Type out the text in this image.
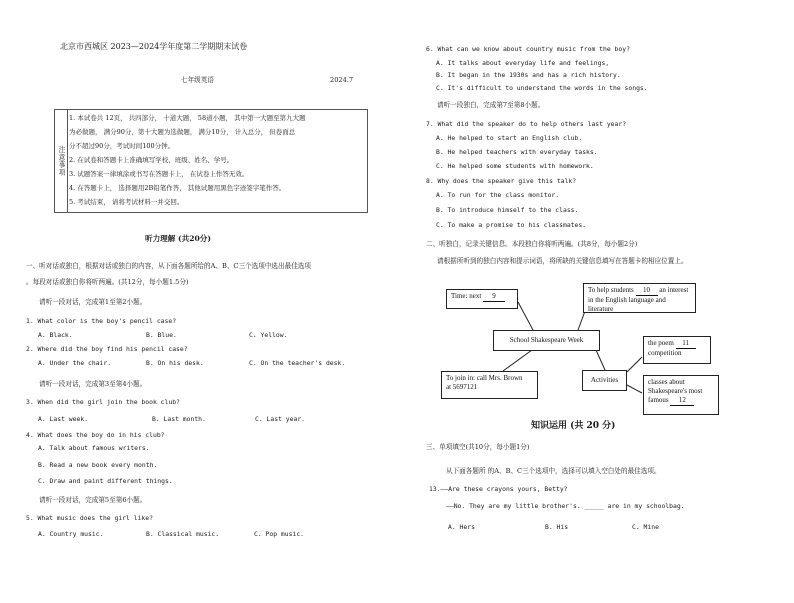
北京市西城区 2023—2024学年度第二学期期末试卷
七年级英语	2024.7
注意事项
1. 本试卷共 12页， 共四部分， 十道大题， 58道小题， 其中第一大题至第九大题
为必做题， 满分90分，第十大题为选做题， 满分10分， 计入总分， 但卷面总
分不超过90分，考试时间100分钟。
2. 在试卷和答题卡上准确填写学校、班级、姓名、学号。
3. 试题答案一律填涂或书写在答题卡上， 在试卷上作答无效。
4. 在答题卡上， 选择题用2B铅笔作答， 其他试题用黑色字迹签字笔作答。
5. 考试结束， 请将考试材料一并交回。
听力理解 (共20分)
一、听对话或独白，根据对话或独白的内容，从下面各题所给的A、B、C三个选项中选出最佳选项
。每段对话或独白你将听两遍。(共12分，每小题1.5分)
请听一段对话，完成第1至第2小题。
1. What color is the boy's pencil case?
A. Black.	B. Blue.	C. Yellow.
2. Where did the boy find his pencil case?
A. Under the chair.	B. On his desk.	C. On the teacher's desk.
请听一段对话，完成第3至第4小题。
3. When did the girl join the book club?
A. Last week.	B. Last month.	C. Last year.
4. What does the boy do in his club?
A. Talk about famous writers.
B. Read a new book every month.
C. Draw and paint different things.
请听一段对话，完成第5至第6小题。
5. What music does the girl like?
A. Country music.	B. Classical music.	C. Pop music.
6. What can we know about country music from the boy?
A. It talks about everyday life and feelings,
B. It began in the 1930s and has a rich history.
C. It's difficult to understand the words in the songs.
请听一段独白，完成第7至第8小题。
7. What did the speaker do to help others last year?
A. He helped to start an English club.
B. He helped teachers with everyday tasks.
C. He helped some students with homework.
8. Why does the speaker give this talk?
A. To run for the class monitor.
B. To introduce himself to the class.
C. To make a promise to his classmates.
二、听独白，记录关键信息。本段独白你将听两遍。(共8分，每小题2分)
请根据所听到的独白内容和提示词语，将所缺的关键信息填写在答题卡的相应位置上。
Time: next 9
To help students 10 an interest
in the English language and literature
School Shakespeare Week	the poem 11
competition
To join in: call Mrs. Brown
at 5697121
Activities	classes about
Shakespeare's most
famous 12
知识运用 (共 20 分)
三、单项填空(共10分，每小题1分)
从下面各题所 的A、B、C三个选项中，选择可以填入空白处的最佳选项。
13.——Are these crayons yours, Betty?
——No. They are my little brother's. _____ are in my schoolbag.
A. Hers	B. His	C. Mine
